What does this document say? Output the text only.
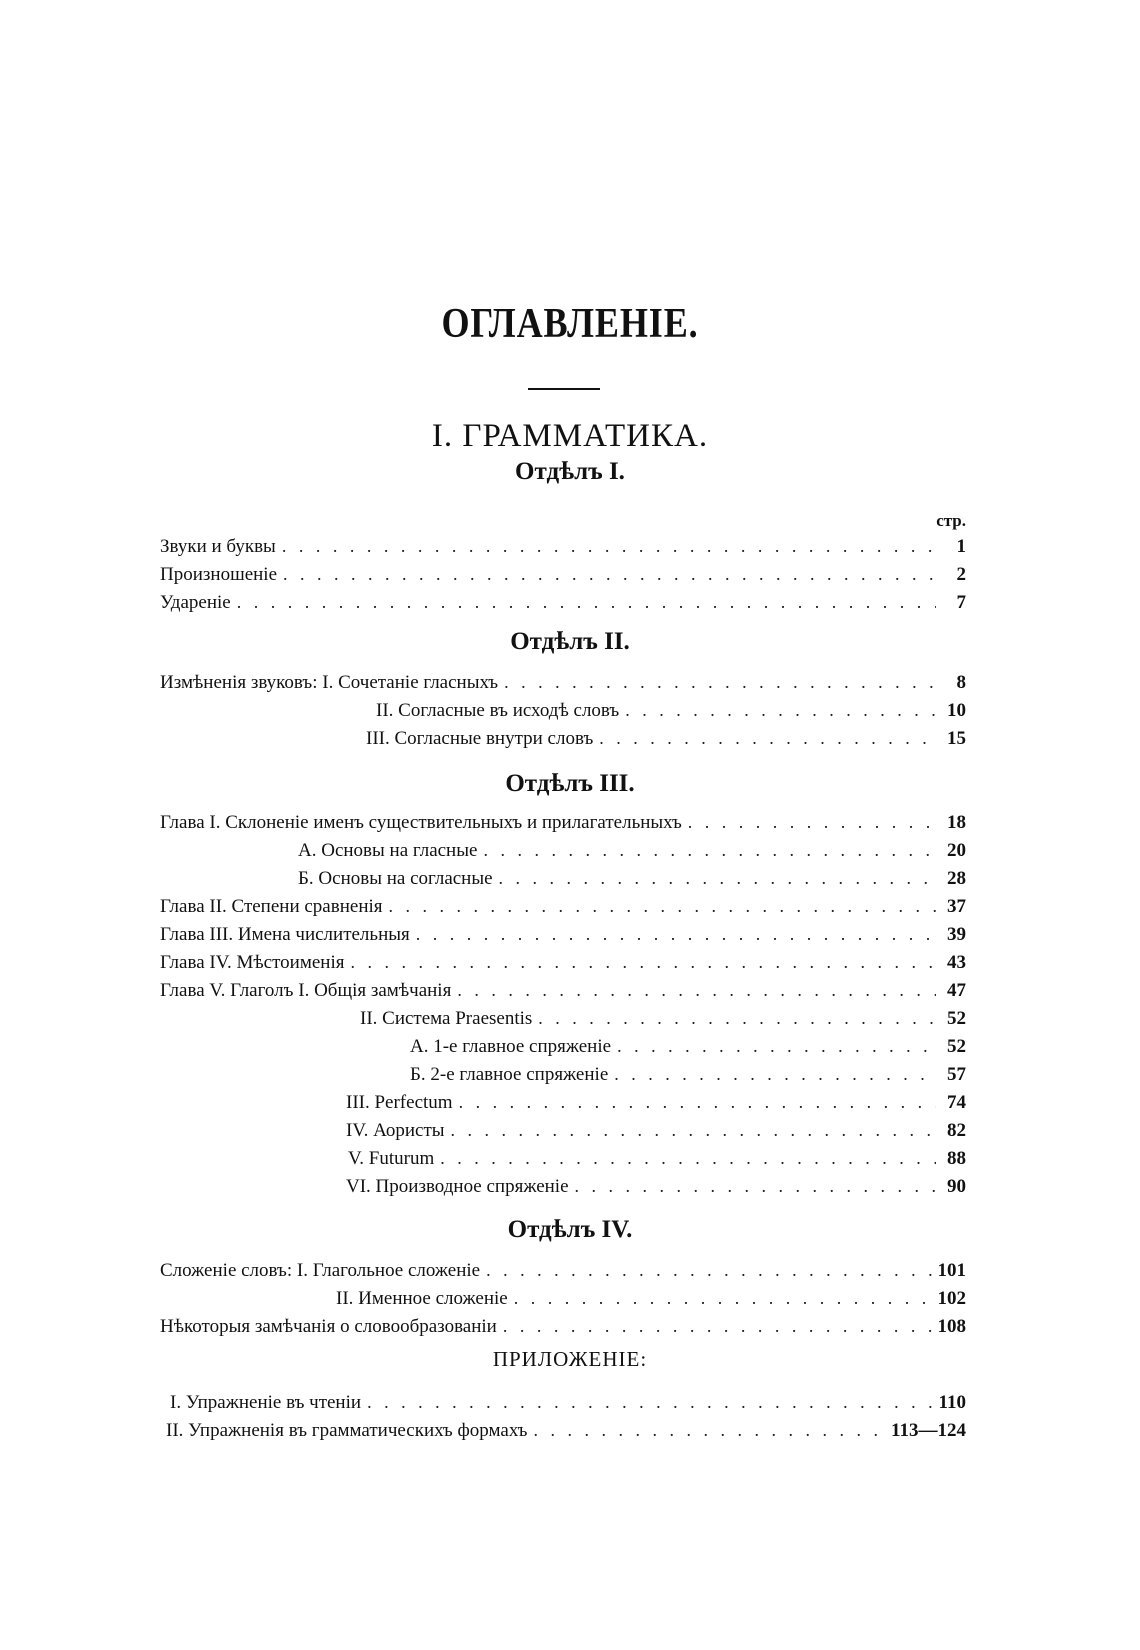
ОГЛАВЛЕНІЕ.
I. ГРАММАТИКА.
Отдѣлъ I.
стр.
Звуки и буквы . . .	1
Произношеніе . . .	2
Удареніе . . .	7
Отдѣлъ II.
Измѣненія звуковъ: I. Сочетаніе гласныхъ . . .	8
II. Согласные въ исходѣ словъ . . .	10
III. Согласные внутри словъ . . .	15
Отдѣлъ III.
Глава I. Склоненіе именъ существительныхъ и прилагательныхъ . . .	18
А. Основы на гласные . . .	20
Б. Основы на согласные . . .	28
Глава II. Степени сравненія . . .	37
Глава III. Имена числительныя . . .	39
Глава IV. Мѣстоименія . . .	43
Глава V. Глаголъ I. Общія замѣчанія . . .	47
II. Система Praesentis . . .	52
А. 1-е главное спряженіе . . .	52
Б. 2-е главное спряженіе . . .	57
III. Perfectum . . .	74
IV. Аористы . . .	82
V. Futurum . . .	88
VI. Производное спряженіе . . .	90
Отдѣлъ IV.
Сложеніе словъ: I. Глагольное сложеніе . . .	101
II. Именное сложеніе . . .	102
Нѣкоторыя замѣчанія о словообразованіи . . .	108
ПРИЛОЖЕНІЕ:
I. Упражненіе въ чтеніи . . .	110
II. Упражненія въ грамматическихъ формахъ . . .	113—124
